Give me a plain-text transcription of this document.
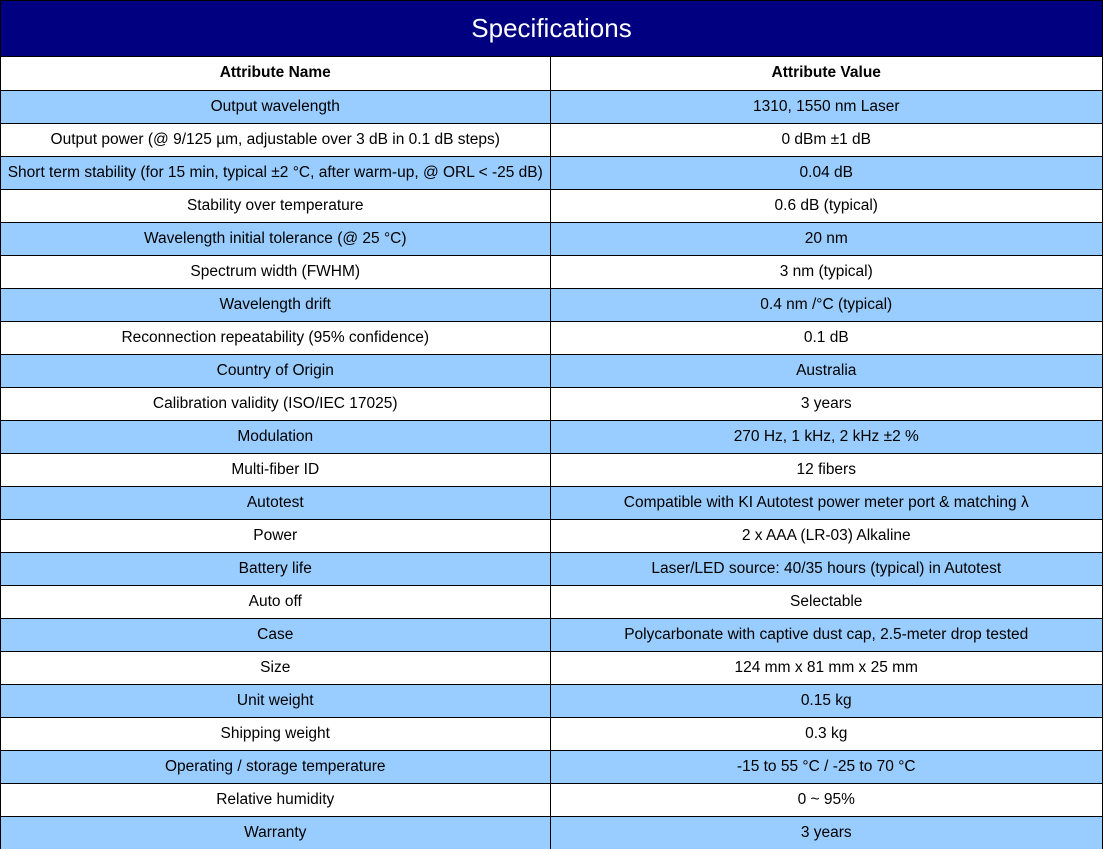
Specifications
Attribute Name	Attribute Value
Output wavelength	1310, 1550 nm Laser
Output power (@ 9/125 µm, adjustable over 3 dB in 0.1 dB steps)	0 dBm ±1 dB
Short term stability (for 15 min, typical ±2 °C, after warm-up, @ ORL < -25 dB)	0.04 dB
Stability over temperature	0.6 dB (typical)
Wavelength initial tolerance (@ 25 °C)	20 nm
Spectrum width (FWHM)	3 nm (typical)
Wavelength drift	0.4 nm /°C (typical)
Reconnection repeatability (95% confidence)	0.1 dB
Country of Origin	Australia
Calibration validity (ISO/IEC 17025)	3 years
Modulation	270 Hz, 1 kHz, 2 kHz ±2 %
Multi-fiber ID	12 fibers
Autotest	Compatible with KI Autotest power meter port & matching λ
Power	2 x AAA (LR-03) Alkaline
Battery life	Laser/LED source: 40/35 hours (typical) in Autotest
Auto off	Selectable
Case	Polycarbonate with captive dust cap, 2.5-meter drop tested
Size	124 mm x 81 mm x 25 mm
Unit weight	0.15 kg
Shipping weight	0.3 kg
Operating / storage temperature	-15 to 55 °C / -25 to 70 °C
Relative humidity	0 ~ 95%
Warranty	3 years
